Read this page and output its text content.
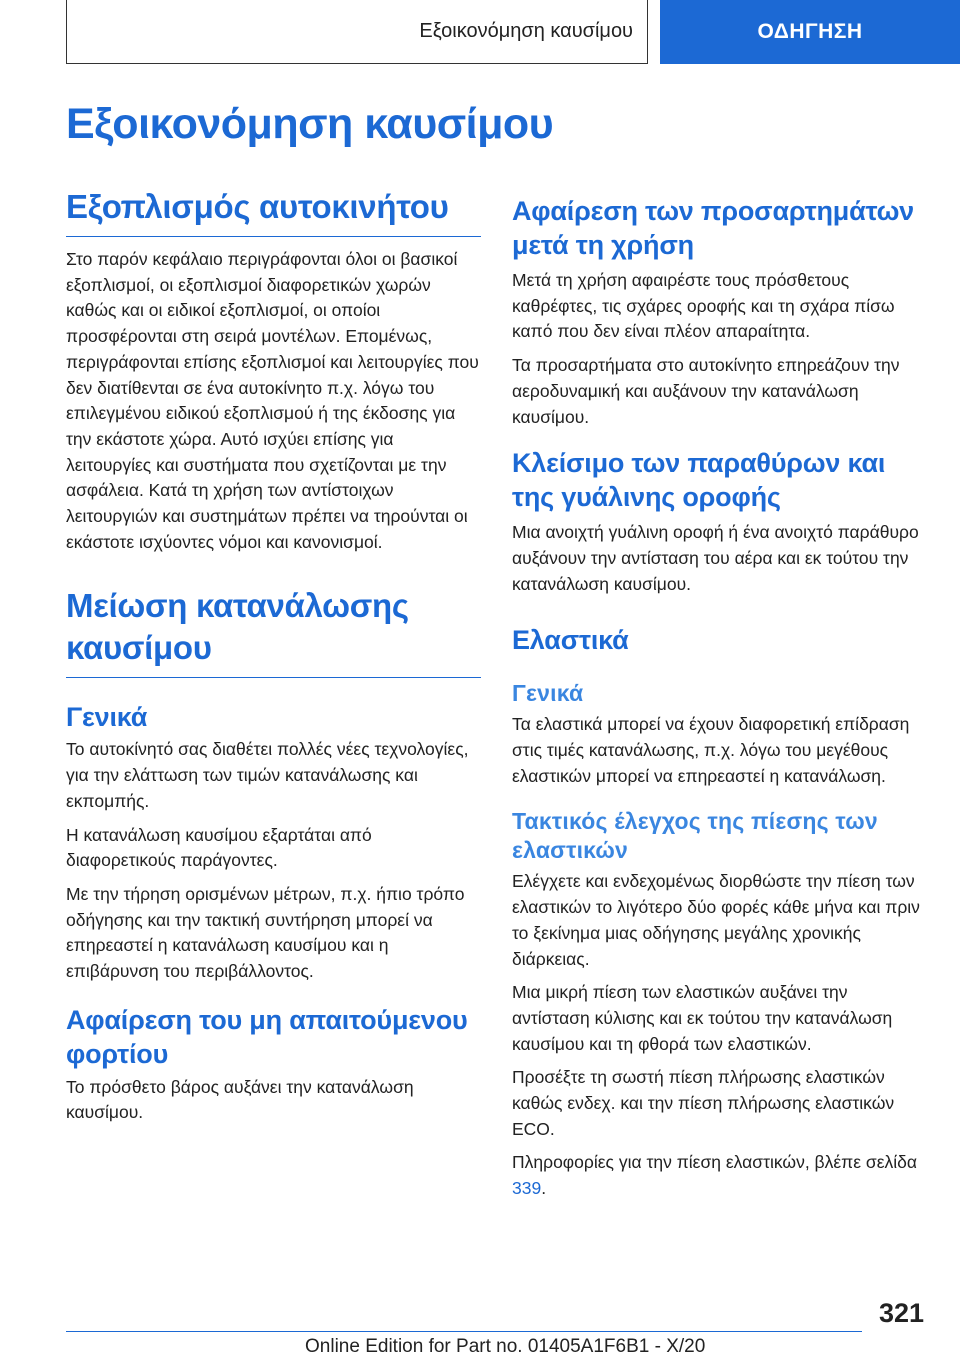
Εξοικονόμηση καυσίμου	ΟΔΗΓΗΣΗ
Εξοικονόμηση καυσίμου
Εξοπλισμός αυτοκινήτου

Στο παρόν κεφάλαιο περιγράφονται όλοι οι βασικοί εξοπλισμοί, οι εξοπλισμοί διαφορετικών χωρών καθώς και οι ειδικοί εξοπλισμοί, οι οποίοι προσφέρονται στη σειρά μοντέλων. Επομένως, περιγράφονται επίσης εξοπλισμοί και λειτουργίες που δεν διατίθενται σε ένα αυτοκίνητο π.χ. λόγω του επιλεγμένου ειδικού εξοπλισμού ή της έκδοσης για την εκάστοτε χώρα. Αυτό ισχύει επίσης για λειτουργίες και συστήματα που σχετίζονται με την ασφάλεια. Κατά τη χρήση των αντίστοιχων λειτουργιών και συστημάτων πρέπει να τηρούνται οι εκάστοτε ισχύοντες νόμοι και κανονισμοί.

Μείωση κατανάλωσης καυσίμου
Γενικά

Το αυτοκίνητό σας διαθέτει πολλές νέες τεχνολογίες, για την ελάττωση των τιμών κατανάλωσης και εκπομπής.

Η κατανάλωση καυσίμου εξαρτάται από διαφορετικούς παράγοντες.

Με την τήρηση ορισμένων μέτρων, π.χ. ήπιο τρόπο οδήγησης και την τακτική συντήρηση μπορεί να επηρεαστεί η κατανάλωση καυσίμου και η επιβάρυνση του περιβάλλοντος.

Αφαίρεση του μη απαιτούμενου φορτίου

Το πρόσθετο βάρος αυξάνει την κατανάλωση καυσίμου.

Αφαίρεση των προσαρτημάτων μετά τη χρήση

Μετά τη χρήση αφαιρέστε τους πρόσθετους καθρέφτες, τις σχάρες οροφής και τη σχάρα πίσω καπό που δεν είναι πλέον απαραίτητα.

Τα προσαρτήματα στο αυτοκίνητο επηρεάζουν την αεροδυναμική και αυξάνουν την κατανάλωση καυσίμου.

Κλείσιμο των παραθύρων και της γυάλινης οροφής

Μια ανοιχτή γυάλινη οροφή ή ένα ανοιχτό παράθυρο αυξάνουν την αντίσταση του αέρα και εκ τούτου την κατανάλωση καυσίμου.

Ελαστικά
Γενικά

Τα ελαστικά μπορεί να έχουν διαφορετική επίδραση στις τιμές κατανάλωσης, π.χ. λόγω του μεγέθους ελαστικών μπορεί να επηρεαστεί η κατανάλωση.

Τακτικός έλεγχος της πίεσης των ελαστικών

Ελέγχετε και ενδεχομένως διορθώστε την πίεση των ελαστικών το λιγότερο δύο φορές κάθε μήνα και πριν το ξεκίνημα μιας οδήγησης μεγάλης χρονικής διάρκειας.

Μια μικρή πίεση των ελαστικών αυξάνει την αντίσταση κύλισης και εκ τούτου την κατανάλωση καυσίμου και τη φθορά των ελαστικών.

Προσέξτε τη σωστή πίεση πλήρωσης ελαστικών καθώς ενδεχ. και την πίεση πλήρωσης ελαστικών ECO.

Πληροφορίες για την πίεση ελαστικών, βλέπε σελίδα 339.

321
Online Edition for Part no. 01405A1F6B1 - X/20
